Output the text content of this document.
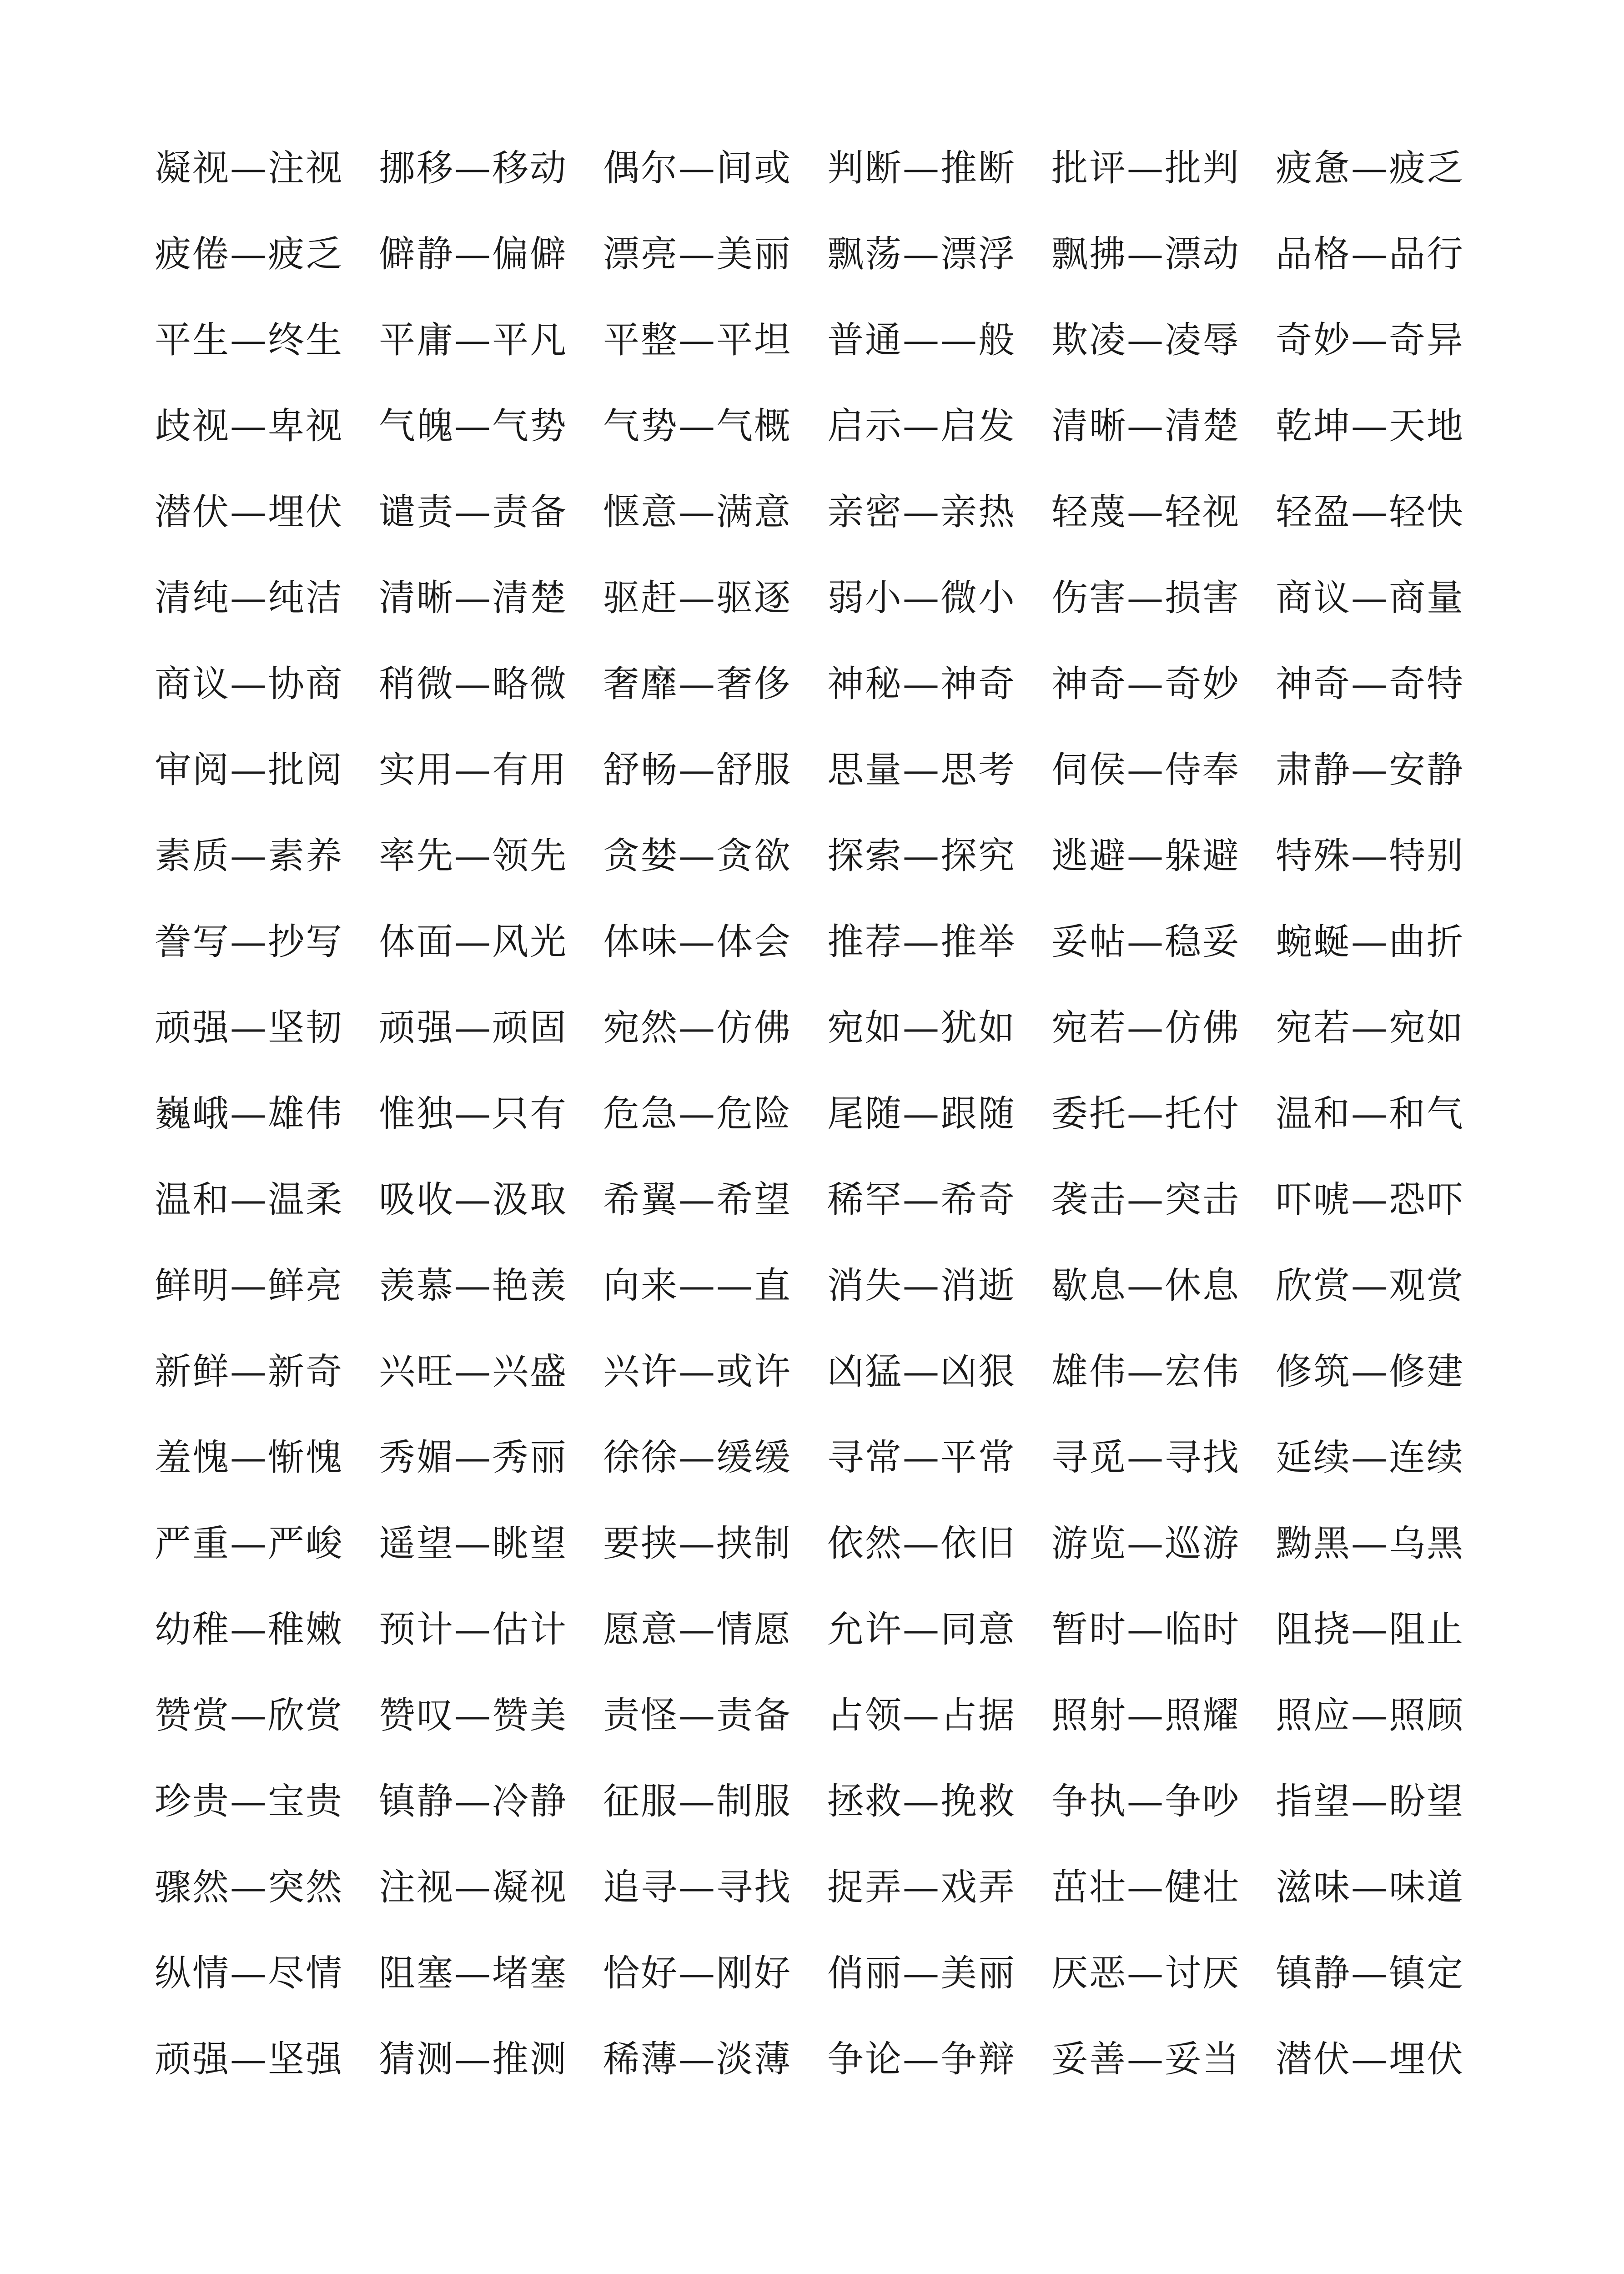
凝视—注视 挪移—移动 偶尔—间或 判断—推断 批评—批判 疲惫—疲乏
疲倦—疲乏 僻静—偏僻 漂亮—美丽 飘荡—漂浮 飘拂—漂动 品格—品行
平生—终生 平庸—平凡 平整—平坦 普通——般 欺凌—凌辱 奇妙—奇异
歧视—卑视 气魄—气势 气势—气概 启示—启发 清晰—清楚 乾坤—天地
潜伏—埋伏 谴责—责备 惬意—满意 亲密—亲热 轻蔑—轻视 轻盈—轻快
清纯—纯洁 清晰—清楚 驱赶—驱逐 弱小—微小 伤害—损害 商议—商量
商议—协商 稍微—略微 奢靡—奢侈 神秘—神奇 神奇—奇妙 神奇—奇特
审阅—批阅 实用—有用 舒畅—舒服 思量—思考 伺侯—侍奉 肃静—安静
素质—素养 率先—领先 贪婪—贪欲 探索—探究 逃避—躲避 特殊—特别
誊写—抄写 体面—风光 体味—体会 推荐—推举 妥帖—稳妥 蜿蜒—曲折
顽强—坚韧 顽强—顽固 宛然—仿佛 宛如—犹如 宛若—仿佛 宛若—宛如
巍峨—雄伟 惟独—只有 危急—危险 尾随—跟随 委托—托付 温和—和气
温和—温柔 吸收—汲取 希翼—希望 稀罕—希奇 袭击—突击 吓唬—恐吓
鲜明—鲜亮 羡慕—艳羡 向来——直 消失—消逝 歇息—休息 欣赏—观赏
新鲜—新奇 兴旺—兴盛 兴许—或许 凶猛—凶狠 雄伟—宏伟 修筑—修建
羞愧—惭愧 秀媚—秀丽 徐徐—缓缓 寻常—平常 寻觅—寻找 延续—连续
严重—严峻 遥望—眺望 要挟—挟制 依然—依旧 游览—巡游 黝黑—乌黑
幼稚—稚嫩 预计—估计 愿意—情愿 允许—同意 暂时—临时 阻挠—阻止
赞赏—欣赏 赞叹—赞美 责怪—责备 占领—占据 照射—照耀 照应—照顾
珍贵—宝贵 镇静—冷静 征服—制服 拯救—挽救 争执—争吵 指望—盼望
骤然—突然 注视—凝视 追寻—寻找 捉弄—戏弄 茁壮—健壮 滋味—味道
纵情—尽情 阻塞—堵塞 恰好—刚好 俏丽—美丽 厌恶—讨厌 镇静—镇定
顽强—坚强 猜测—推测 稀薄—淡薄 争论—争辩 妥善—妥当 潜伏—埋伏
